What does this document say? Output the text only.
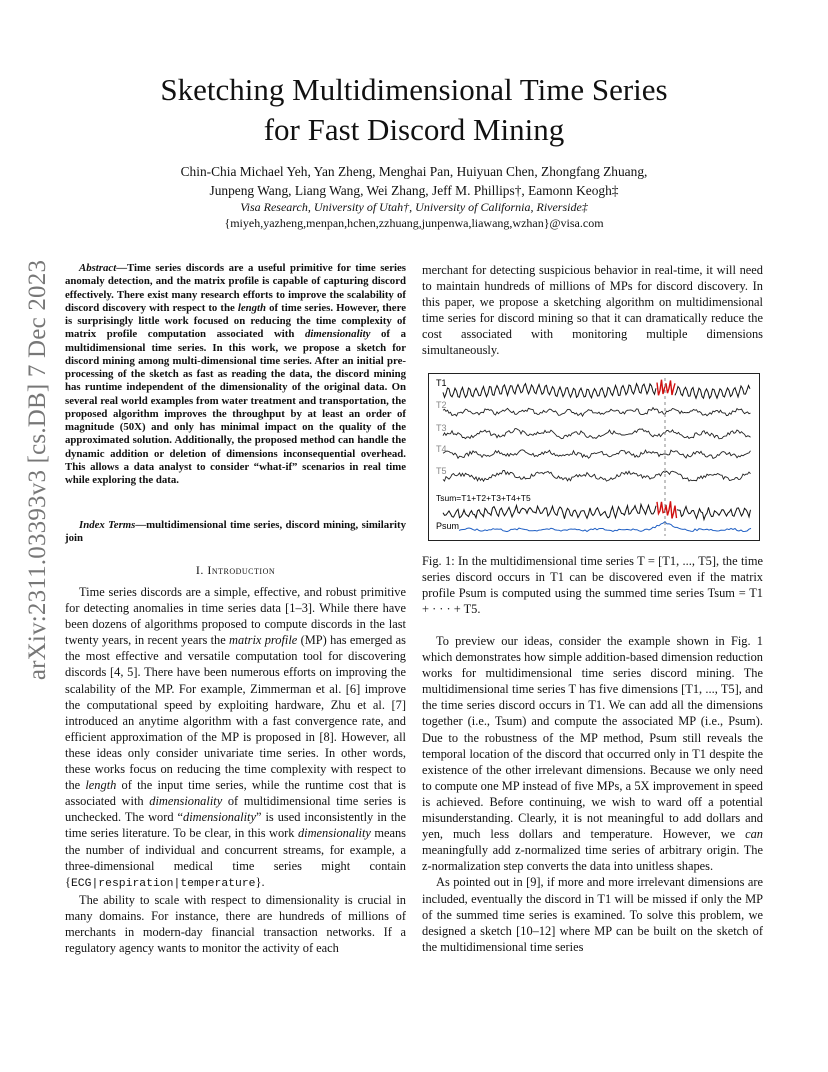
arXiv:2311.03393v3 [cs.DB] 7 Dec 2023
Sketching Multidimensional Time Series
for Fast Discord Mining
Chin-Chia Michael Yeh, Yan Zheng, Menghai Pan, Huiyuan Chen, Zhongfang Zhuang,
Junpeng Wang, Liang Wang, Wei Zhang, Jeff M. Phillips†, Eamonn Keogh‡
Visa Research, University of Utah†, University of California, Riverside‡
{miyeh,yazheng,menpan,hchen,zzhuang,junpenwa,liawang,wzhan}@visa.com

Abstract—Time series discords are a useful primitive for time series anomaly detection, and the matrix profile is capable of capturing discord effectively. There exist many research efforts to improve the scalability of discord discovery with respect to the length of time series. However, there is surprisingly little work focused on reducing the time complexity of matrix profile computation associated with dimensionality of a multidimensional time series. In this work, we propose a sketch for discord mining among multi-dimensional time series. After an initial pre-processing of the sketch as fast as reading the data, the discord mining has runtime independent of the dimensionality of the original data. On several real world examples from water treatment and transportation, the proposed algorithm improves the throughput by at least an order of magnitude (50X) and only has minimal impact on the quality of the approximated solution. Additionally, the proposed method can handle the dynamic addition or deletion of dimensions inconsequential overhead. This allows a data analyst to consider “what-if” scenarios in real time while exploring the data.

Index Terms—multidimensional time series, discord mining, similarity join

I. Introduction

Time series discords are a simple, effective, and robust primitive for detecting anomalies in time series data [1–3]. While there have been dozens of algorithms proposed to compute discords in the last twenty years, in recent years the matrix profile (MP) has emerged as the most effective and versatile computation tool for discovering discords [4, 5]. There have been numerous efforts on improving the scalability of the MP. For example, Zimmerman et al. [6] improve the computational speed by exploiting hardware, Zhu et al. [7] introduced an anytime algorithm with a fast convergence rate, and efficient approximation of the MP is proposed in [8]. However, all these ideas only consider univariate time series. In other words, these works focus on reducing the time complexity with respect to the length of the input time series, while the runtime cost that is associated with dimensionality of multidimensional time series is unchecked. The word “dimensionality” is used inconsistently in the time series literature. To be clear, in this work dimensionality means the number of individual and concurrent streams, for example, a three-dimensional medical time series might contain {ECG|respiration|temperature}.

The ability to scale with respect to dimensionality is crucial in many domains. For instance, there are hundreds of millions of merchants in modern-day financial transaction networks. If a regulatory agency wants to monitor the activity of each

merchant for detecting suspicious behavior in real-time, it will need to maintain hundreds of millions of MPs for discord discovery. In this paper, we propose a sketching algorithm on multidimensional time series for discord mining so that it can dramatically reduce the cost associated with monitoring multiple dimensions simultaneously.

T1
T2
T3
T4
T5
Tsum=T1+T2+T3+T4+T5
Psum
Fig. 1: In the multidimensional time series T = [T1, ..., T5], the time series discord occurs in T1 can be discovered even if the matrix profile Psum is computed using the summed time series Tsum = T1 + · · · + T5.

To preview our ideas, consider the example shown in Fig. 1 which demonstrates how simple addition-based dimension reduction works for multidimensional time series discord mining. The multidimensional time series T has five dimensions [T1, ..., T5], and the time series discord occurs in T1. We can add all the dimensions together (i.e., Tsum) and compute the associated MP (i.e., Psum). Due to the robustness of the MP method, Psum still reveals the temporal location of the discord that occurred only in T1 despite the existence of the other irrelevant dimensions. Because we only need to compute one MP instead of five MPs, a 5X improvement in speed is achieved. Before continuing, we wish to ward off a potential misunderstanding. Clearly, it is not meaningful to add dollars and yen, much less dollars and temperature. However, we can meaningfully add z-normalized time series of arbitrary origin. The z-normalization step converts the data into unitless shapes.

As pointed out in [9], if more and more irrelevant dimensions are included, eventually the discord in T1 will be missed if only the MP of the summed time series is examined. To solve this problem, we designed a sketch [10–12] where MP can be built on the sketch of the multidimensional time series
